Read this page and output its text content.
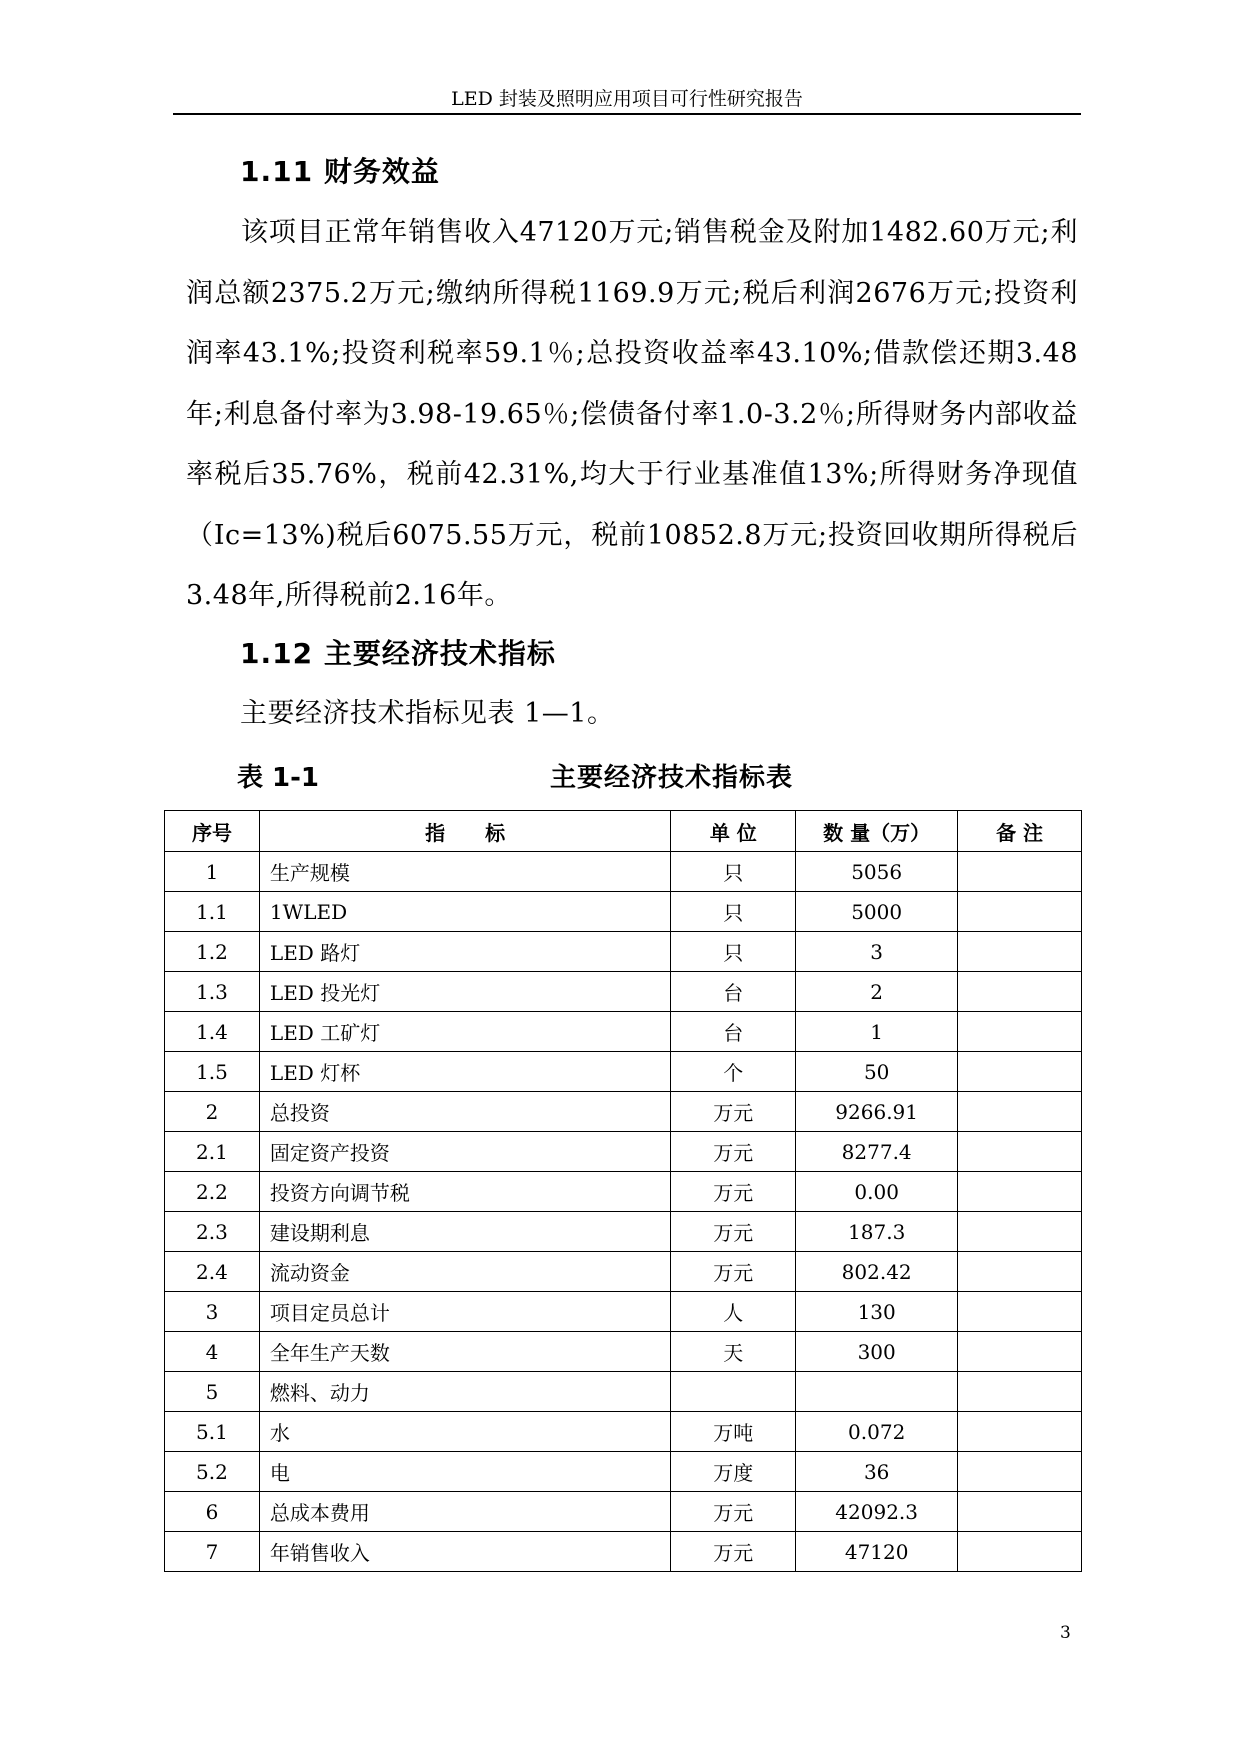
LED 封装及照明应用项目可行性研究报告
1.11 财务效益
该项目正常年销售收入47120万元;销售税金及附加1482.60万元;利润总额2375.2万元;缴纳所得税1169.9万元;税后利润2676万元;投资利润率43.1%;投资利税率59.1％;总投资收益率43.10%;借款偿还期3.48年;利息备付率为3.98-19.65％;偿债备付率1.0-3.2％;所得财务内部收益率税后35.76%，税前42.31%,均大于行业基准值13%;所得财务净现值（Ic=13%)税后6075.55万元，税前10852.8万元;投资回收期所得税后3.48年,所得税前2.16年。
1.12 主要经济技术指标
主要经济技术指标见表 1—1。
表 1-1	主要经济技术指标表
序号	指　　标	单 位	数 量（万）	备 注
1	生产规模	只	5056	
1.1	1WLED	只	5000	
1.2	LED 路灯	只	3	
1.3	LED 投光灯	台	2	
1.4	LED 工矿灯	台	1	
1.5	LED 灯杯	个	50	
2	总投资	万元	9266.91	
2.1	固定资产投资	万元	8277.4	
2.2	投资方向调节税	万元	0.00	
2.3	建设期利息	万元	187.3	
2.4	流动资金	万元	802.42	
3	项目定员总计	人	130	
4	全年生产天数	天	300	
5	燃料、动力			
5.1	水	万吨	0.072	
5.2	电	万度	36	
6	总成本费用	万元	42092.3	
7	年销售收入	万元	47120	
3
